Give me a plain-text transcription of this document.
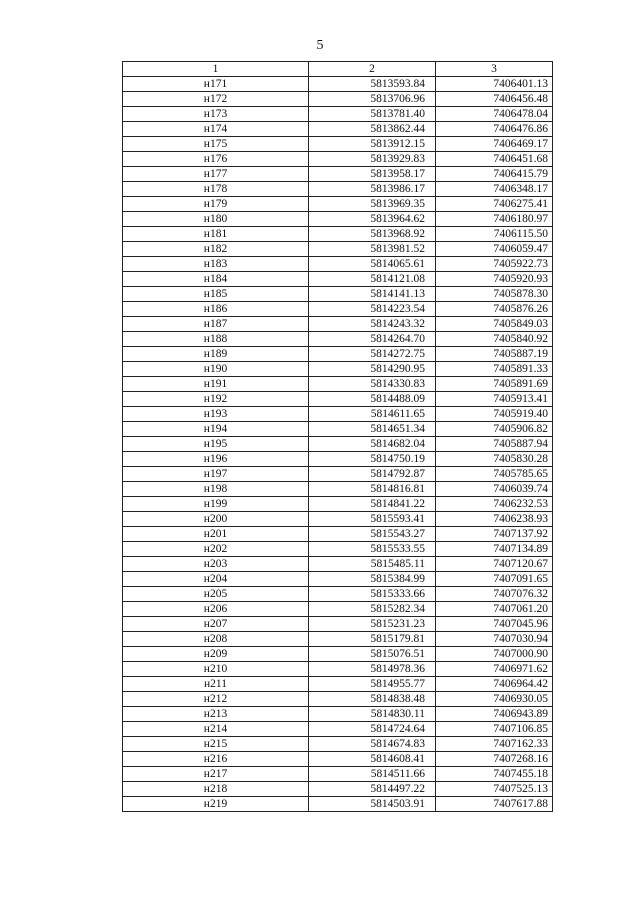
5
1	2	3
н171	5813593.84	7406401.13
н172	5813706.96	7406456.48
н173	5813781.40	7406478.04
н174	5813862.44	7406476.86
н175	5813912.15	7406469.17
н176	5813929.83	7406451.68
н177	5813958.17	7406415.79
н178	5813986.17	7406348.17
н179	5813969.35	7406275.41
н180	5813964.62	7406180.97
н181	5813968.92	7406115.50
н182	5813981.52	7406059.47
н183	5814065.61	7405922.73
н184	5814121.08	7405920.93
н185	5814141.13	7405878.30
н186	5814223.54	7405876.26
н187	5814243.32	7405849.03
н188	5814264.70	7405840.92
н189	5814272.75	7405887.19
н190	5814290.95	7405891.33
н191	5814330.83	7405891.69
н192	5814488.09	7405913.41
н193	5814611.65	7405919.40
н194	5814651.34	7405906.82
н195	5814682.04	7405887.94
н196	5814750.19	7405830.28
н197	5814792.87	7405785.65
н198	5814816.81	7406039.74
н199	5814841.22	7406232.53
н200	5815593.41	7406238.93
н201	5815543.27	7407137.92
н202	5815533.55	7407134.89
н203	5815485.11	7407120.67
н204	5815384.99	7407091.65
н205	5815333.66	7407076.32
н206	5815282.34	7407061.20
н207	5815231.23	7407045.96
н208	5815179.81	7407030.94
н209	5815076.51	7407000.90
н210	5814978.36	7406971.62
н211	5814955.77	7406964.42
н212	5814838.48	7406930.05
н213	5814830.11	7406943.89
н214	5814724.64	7407106.85
н215	5814674.83	7407162.33
н216	5814608.41	7407268.16
н217	5814511.66	7407455.18
н218	5814497.22	7407525.13
н219	5814503.91	7407617.88
